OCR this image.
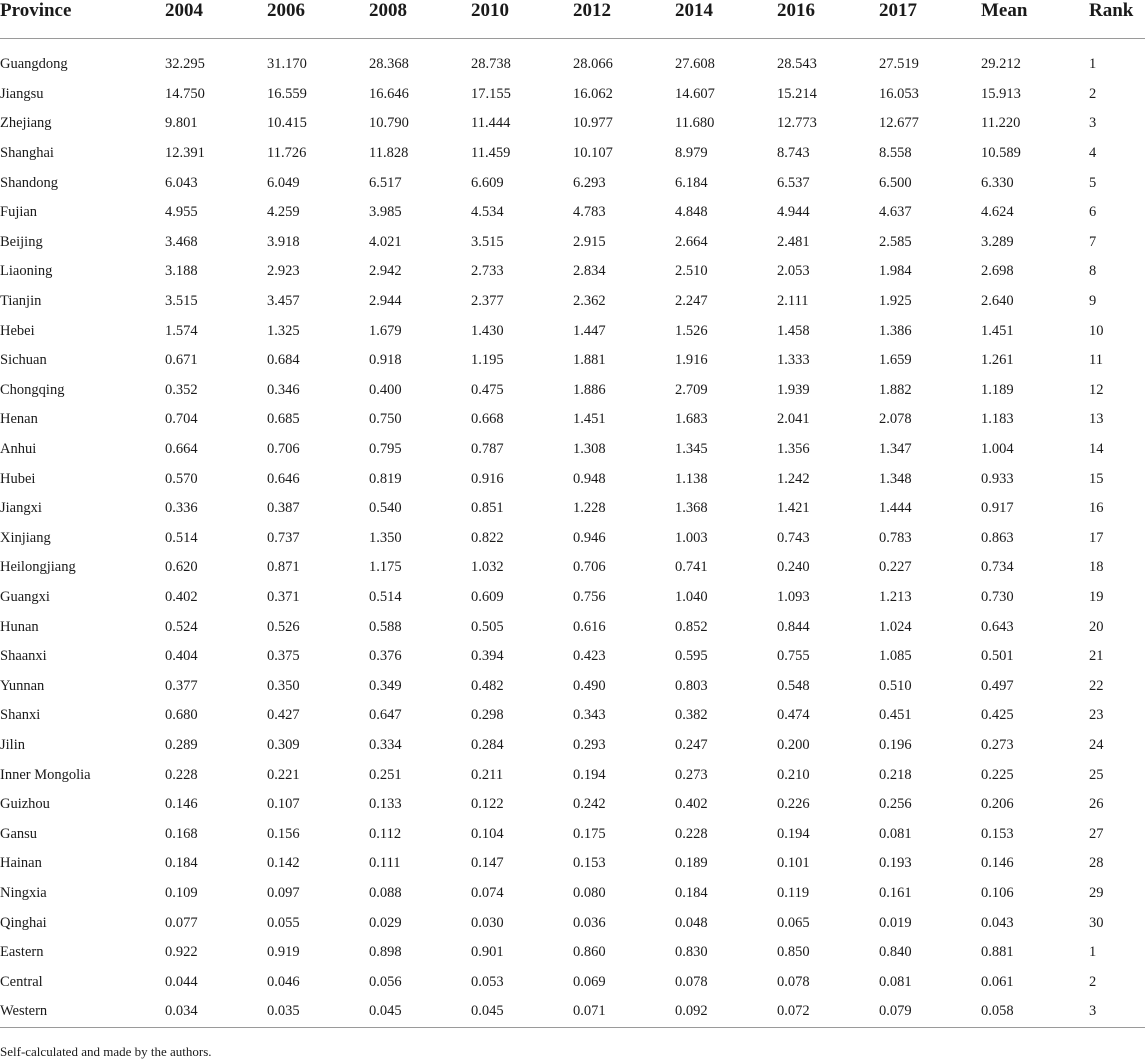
Province	2004	2006	2008	2010	2012	2014	2016	2017	Mean	Rank

Guangdong	32.295	31.170	28.368	28.738	28.066	27.608	28.543	27.519	29.212	1
Jiangsu	14.750	16.559	16.646	17.155	16.062	14.607	15.214	16.053	15.913	2
Zhejiang	9.801	10.415	10.790	11.444	10.977	11.680	12.773	12.677	11.220	3
Shanghai	12.391	11.726	11.828	11.459	10.107	8.979	8.743	8.558	10.589	4
Shandong	6.043	6.049	6.517	6.609	6.293	6.184	6.537	6.500	6.330	5
Fujian	4.955	4.259	3.985	4.534	4.783	4.848	4.944	4.637	4.624	6
Beijing	3.468	3.918	4.021	3.515	2.915	2.664	2.481	2.585	3.289	7
Liaoning	3.188	2.923	2.942	2.733	2.834	2.510	2.053	1.984	2.698	8
Tianjin	3.515	3.457	2.944	2.377	2.362	2.247	2.111	1.925	2.640	9
Hebei	1.574	1.325	1.679	1.430	1.447	1.526	1.458	1.386	1.451	10
Sichuan	0.671	0.684	0.918	1.195	1.881	1.916	1.333	1.659	1.261	11
Chongqing	0.352	0.346	0.400	0.475	1.886	2.709	1.939	1.882	1.189	12
Henan	0.704	0.685	0.750	0.668	1.451	1.683	2.041	2.078	1.183	13
Anhui	0.664	0.706	0.795	0.787	1.308	1.345	1.356	1.347	1.004	14
Hubei	0.570	0.646	0.819	0.916	0.948	1.138	1.242	1.348	0.933	15
Jiangxi	0.336	0.387	0.540	0.851	1.228	1.368	1.421	1.444	0.917	16
Xinjiang	0.514	0.737	1.350	0.822	0.946	1.003	0.743	0.783	0.863	17
Heilongjiang	0.620	0.871	1.175	1.032	0.706	0.741	0.240	0.227	0.734	18
Guangxi	0.402	0.371	0.514	0.609	0.756	1.040	1.093	1.213	0.730	19
Hunan	0.524	0.526	0.588	0.505	0.616	0.852	0.844	1.024	0.643	20
Shaanxi	0.404	0.375	0.376	0.394	0.423	0.595	0.755	1.085	0.501	21
Yunnan	0.377	0.350	0.349	0.482	0.490	0.803	0.548	0.510	0.497	22
Shanxi	0.680	0.427	0.647	0.298	0.343	0.382	0.474	0.451	0.425	23
Jilin	0.289	0.309	0.334	0.284	0.293	0.247	0.200	0.196	0.273	24
Inner Mongolia	0.228	0.221	0.251	0.211	0.194	0.273	0.210	0.218	0.225	25
Guizhou	0.146	0.107	0.133	0.122	0.242	0.402	0.226	0.256	0.206	26
Gansu	0.168	0.156	0.112	0.104	0.175	0.228	0.194	0.081	0.153	27
Hainan	0.184	0.142	0.111	0.147	0.153	0.189	0.101	0.193	0.146	28
Ningxia	0.109	0.097	0.088	0.074	0.080	0.184	0.119	0.161	0.106	29
Qinghai	0.077	0.055	0.029	0.030	0.036	0.048	0.065	0.019	0.043	30
Eastern	0.922	0.919	0.898	0.901	0.860	0.830	0.850	0.840	0.881	1
Central	0.044	0.046	0.056	0.053	0.069	0.078	0.078	0.081	0.061	2
Western	0.034	0.035	0.045	0.045	0.071	0.092	0.072	0.079	0.058	3
Self-calculated and made by the authors.
